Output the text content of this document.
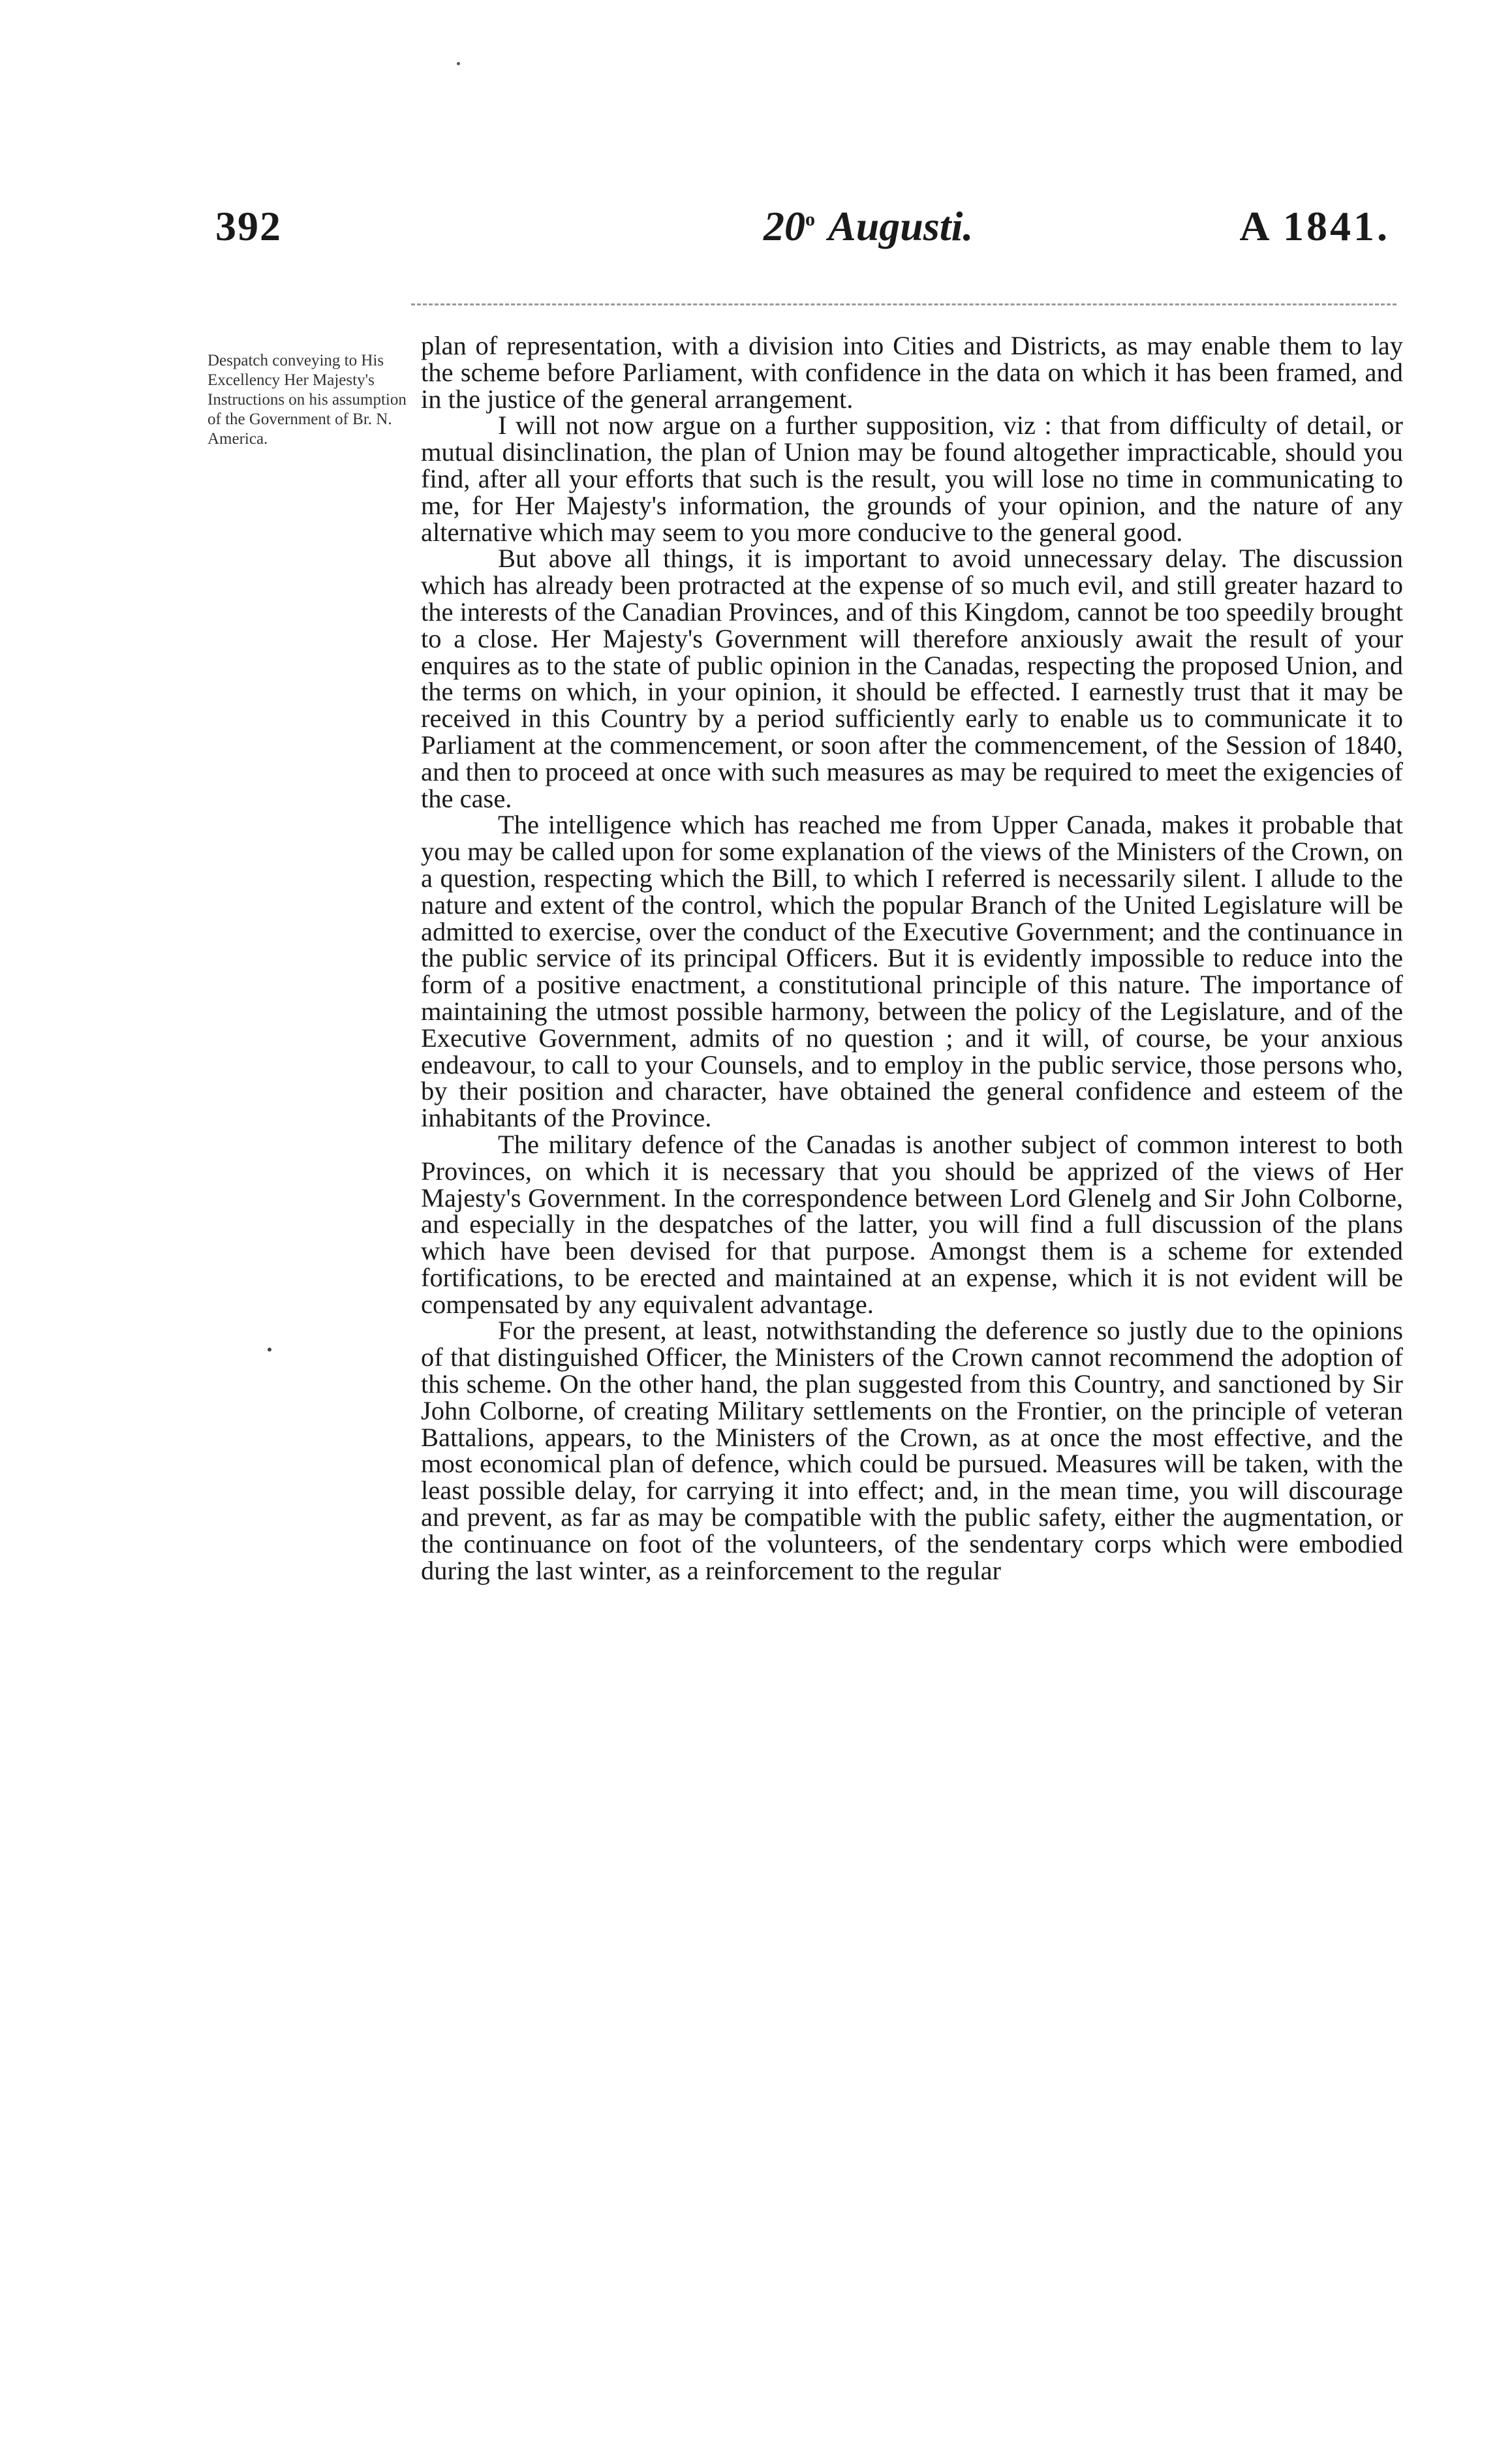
392	20$^o$ Augusti.	A 1841.
Despatch conveying to His Excellency Her Majesty's Instructions on his assumption of the Government of Br. N. America.

plan of representation, with a division into Cities and Districts, as may enable them to lay the scheme before Parliament, with confidence in the data on which it has been framed, and in the justice of the general arrangement.

I will not now argue on a further supposition, viz : that from difficulty of detail, or mutual disinclination, the plan of Union may be found altogether impracticable, should you find, after all your efforts that such is the result, you will lose no time in communicating to me, for Her Majesty's information, the grounds of your opinion, and the nature of any alternative which may seem to you more conducive to the general good.

But above all things, it is important to avoid unnecessary delay. The discussion which has already been protracted at the expense of so much evil, and still greater hazard to the interests of the Canadian Provinces, and of this Kingdom, cannot be too speedily brought to a close. Her Majesty's Government will therefore anxiously await the result of your enquires as to the state of public opinion in the Canadas, respecting the proposed Union, and the terms on which, in your opinion, it should be effected. I earnestly trust that it may be received in this Country by a period sufficiently early to enable us to communicate it to Parliament at the commencement, or soon after the commencement, of the Session of 1840, and then to proceed at once with such measures as may be required to meet the exigencies of the case.

The intelligence which has reached me from Upper Canada, makes it probable that you may be called upon for some explanation of the views of the Ministers of the Crown, on a question, respecting which the Bill, to which I referred is necessarily silent. I allude to the nature and extent of the control, which the popular Branch of the United Legislature will be admitted to exercise, over the conduct of the Executive Government; and the continuance in the public service of its principal Officers. But it is evidently impossible to reduce into the form of a positive enactment, a constitutional principle of this nature. The importance of maintaining the utmost possible harmony, between the policy of the Legislature, and of the Executive Government, admits of no question ; and it will, of course, be your anxious endeavour, to call to your Counsels, and to employ in the public service, those persons who, by their position and character, have obtained the general confidence and esteem of the inhabitants of the Province.

The military defence of the Canadas is another subject of common interest to both Provinces, on which it is necessary that you should be apprized of the views of Her Majesty's Government. In the correspondence between Lord Glenelg and Sir John Colborne, and especially in the despatches of the latter, you will find a full discussion of the plans which have been devised for that purpose. Amongst them is a scheme for extended fortifications, to be erected and maintained at an expense, which it is not evident will be compensated by any equivalent advantage.

For the present, at least, notwithstanding the deference so justly due to the opinions of that distinguished Officer, the Ministers of the Crown cannot recommend the adoption of this scheme. On the other hand, the plan suggested from this Country, and sanctioned by Sir John Colborne, of creating Military settlements on the Frontier, on the principle of veteran Battalions, appears, to the Ministers of the Crown, as at once the most effective, and the most economical plan of defence, which could be pursued. Measures will be taken, with the least possible delay, for carrying it into effect; and, in the mean time, you will discourage and prevent, as far as may be compatible with the public safety, either the augmentation, or the continuance on foot of the volunteers, of the sendentary corps which were embodied during the last winter, as a reinforcement to the regular
